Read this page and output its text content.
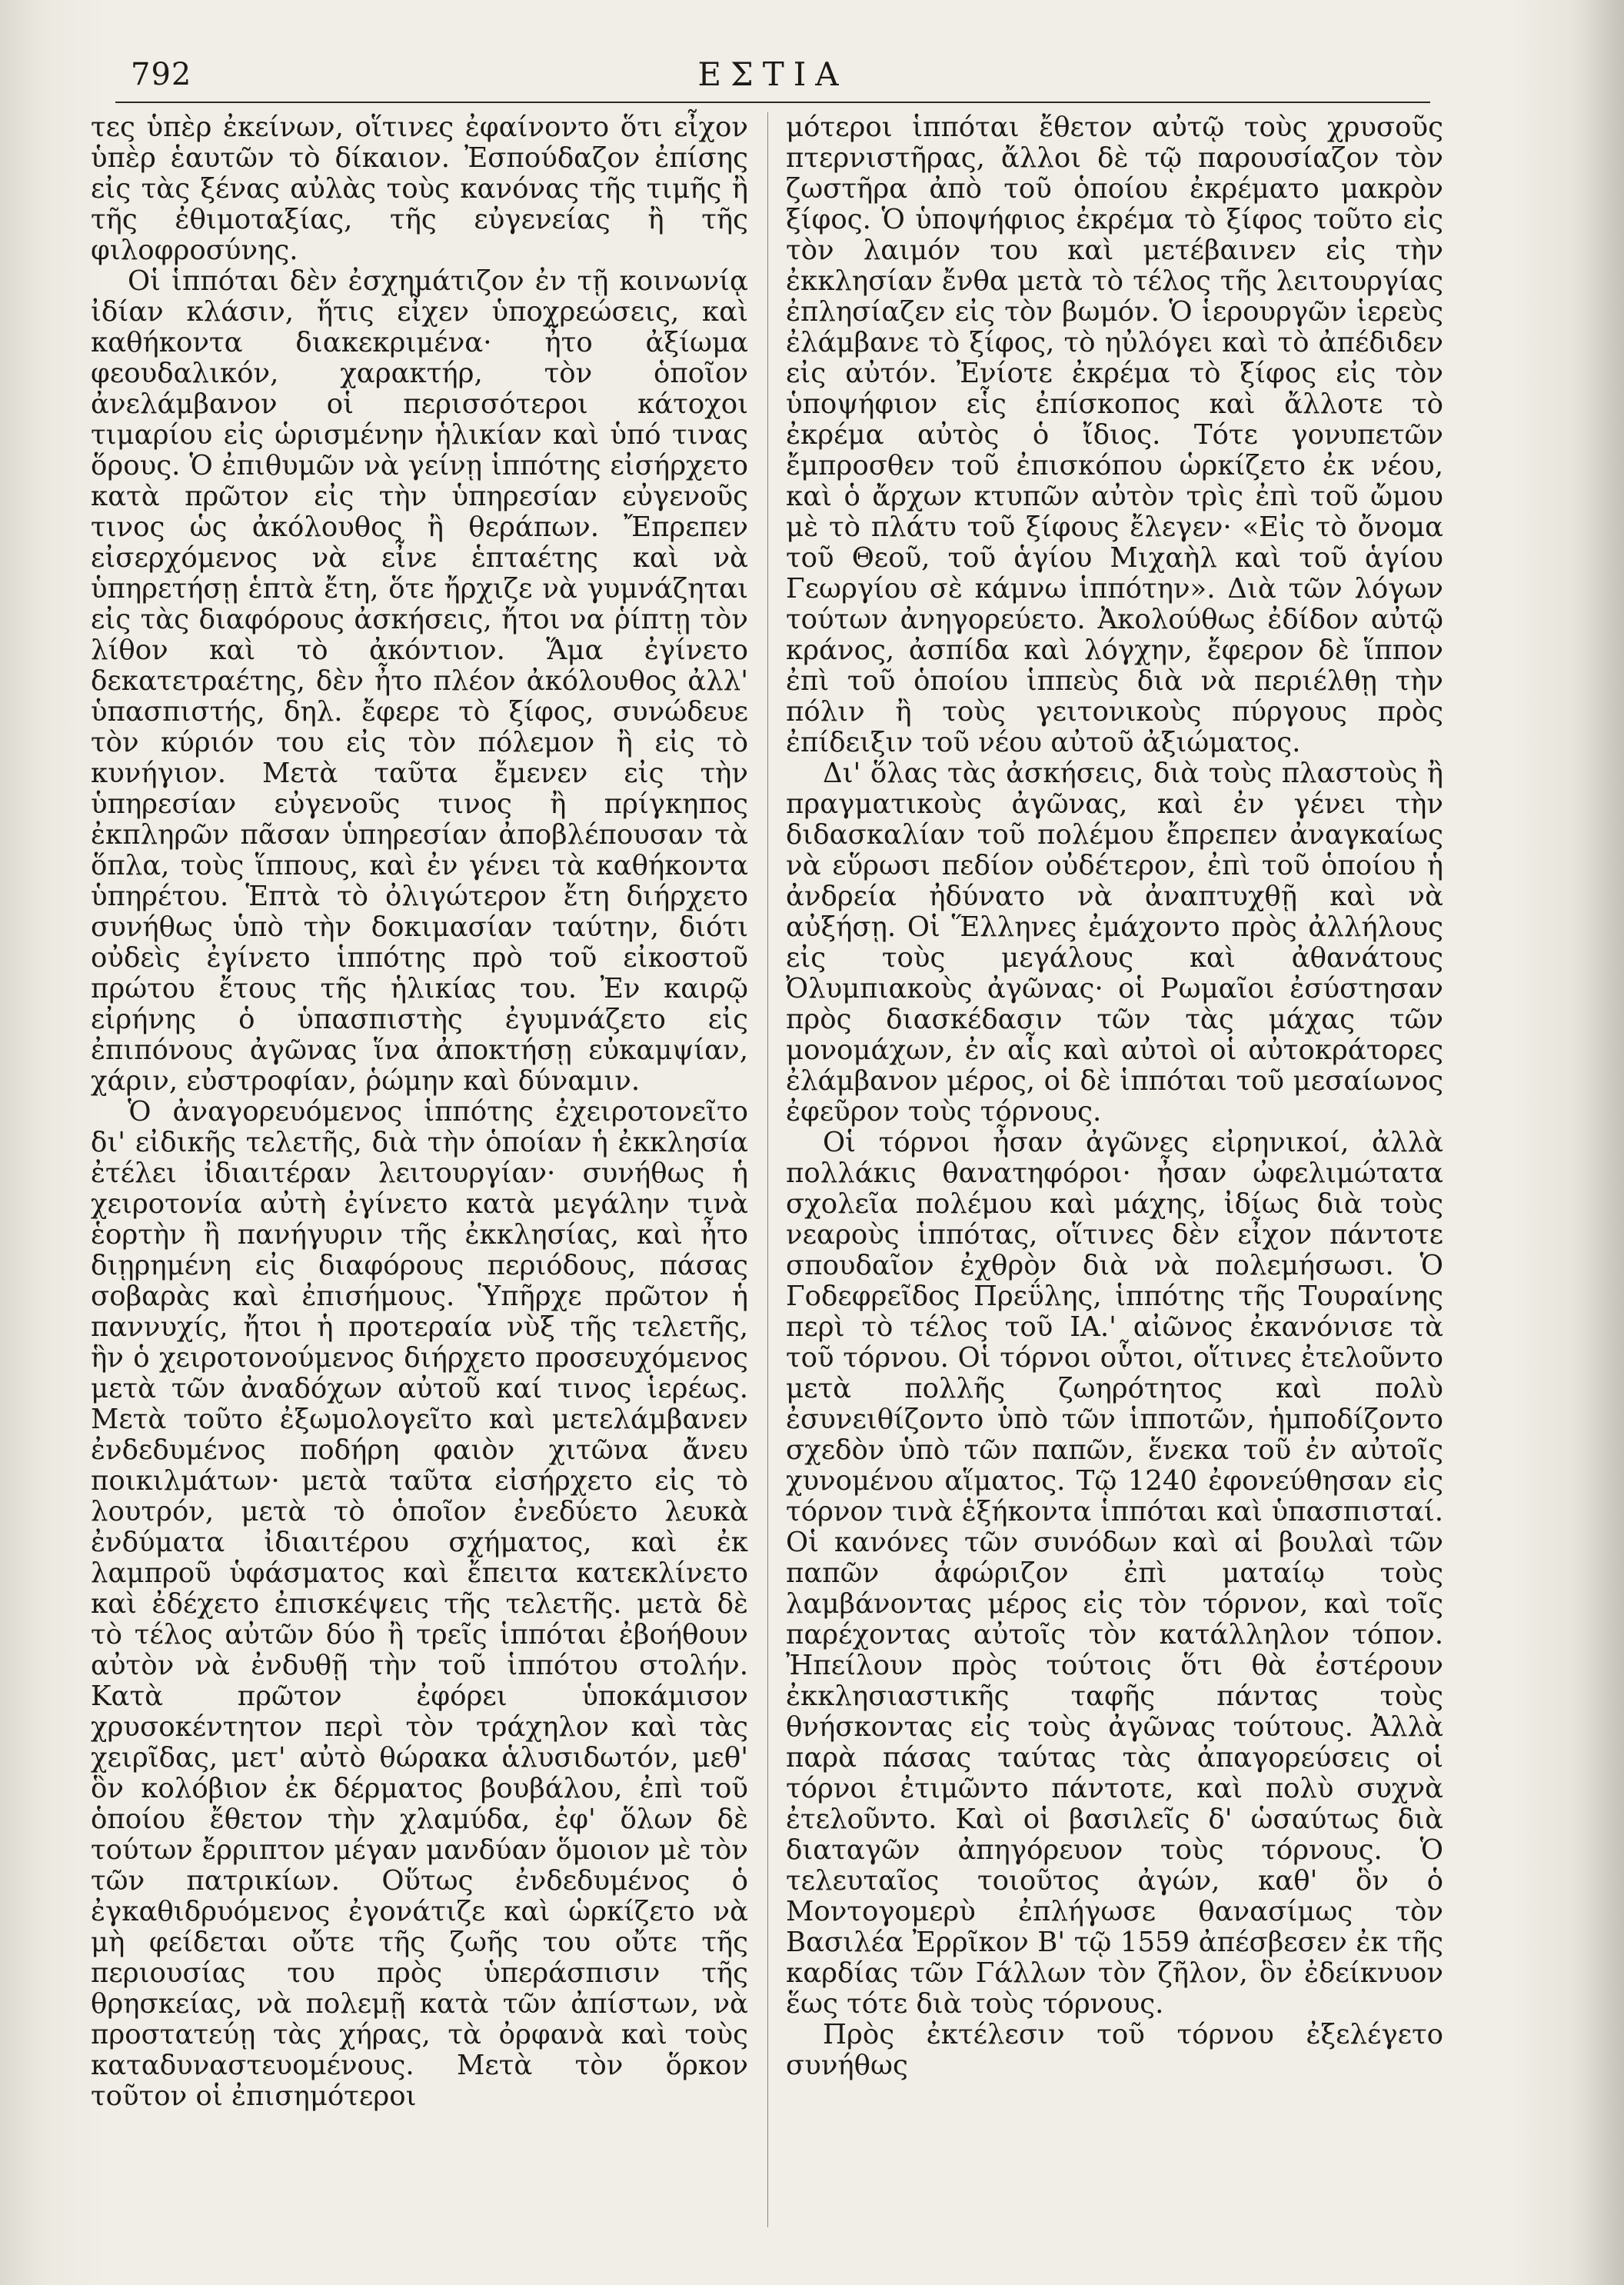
792	ΕΣΤΙΑ

τες ὑπὲρ ἐκείνων, οἵτινες ἐφαίνοντο ὅτι εἶχον ὑπὲρ ἑαυτῶν τὸ δίκαιον. Ἐσπούδαζον ἐπίσης εἰς τὰς ξένας αὐλὰς τοὺς κανόνας τῆς τιμῆς ἢ τῆς ἐθιμοταξίας, τῆς εὐγενείας ἢ τῆς φιλοφροσύνης.

Οἱ ἱππόται δὲν ἐσχημάτιζον ἐν τῇ κοινωνίᾳ ἰδίαν κλάσιν, ἥτις εἶχεν ὑποχρεώσεις, καὶ καθήκοντα διακεκριμένα· ἦτο ἀξίωμα φεουδαλικόν, χαρακτήρ, τὸν ὁποῖον ἀνελάμβανον οἱ περισσότεροι κάτοχοι τιμαρίου εἰς ὡρισμένην ἡλικίαν καὶ ὑπό τινας ὅρους. Ὁ ἐπιθυμῶν νὰ γείνῃ ἱππότης εἰσήρχετο κατὰ πρῶτον εἰς τὴν ὑπηρεσίαν εὐγενοῦς τινος ὡς ἀκόλουθος ἢ θεράπων. Ἔπρεπεν εἰσερχόμενος νὰ εἶνε ἑπταέτης καὶ νὰ ὑπηρετήσῃ ἑπτὰ ἔτη, ὅτε ἤρχιζε νὰ γυμνάζηται εἰς τὰς διαφόρους ἀσκήσεις, ἤτοι να ῥίπτῃ τὸν λίθον καὶ τὸ ἀκόντιον. Ἅμα ἐγίνετο δεκατετραέτης, δὲν ἦτο πλέον ἀκόλουθος ἀλλ' ὑπασπιστής, δηλ. ἔφερε τὸ ξίφος, συνώδευε τὸν κύριόν του εἰς τὸν πόλεμον ἢ εἰς τὸ κυνήγιον. Μετὰ ταῦτα ἔμενεν εἰς τὴν ὑπηρεσίαν εὐγενοῦς τινος ἢ πρίγκηπος ἐκπληρῶν πᾶσαν ὑπηρεσίαν ἀποβλέπουσαν τὰ ὅπλα, τοὺς ἵππους, καὶ ἐν γένει τὰ καθήκοντα ὑπηρέτου. Ἑπτὰ τὸ ὀλιγώτερον ἔτη διήρχετο συνήθως ὑπὸ τὴν δοκιμασίαν ταύτην, διότι οὐδεὶς ἐγίνετο ἱππότης πρὸ τοῦ εἰκοστοῦ πρώτου ἔτους τῆς ἡλικίας του. Ἐν καιρῷ εἰρήνης ὁ ὑπασπιστὴς ἐγυμνάζετο εἰς ἐπιπόνους ἀγῶνας ἵνα ἀποκτήσῃ εὐκαμψίαν, χάριν, εὐστροφίαν, ῥώμην καὶ δύναμιν.

Ὁ ἀναγορευόμενος ἱππότης ἐχειροτονεῖτο δι' εἰδικῆς τελετῆς, διὰ τὴν ὁποίαν ἡ ἐκκλησία ἐτέλει ἰδιαιτέραν λειτουργίαν· συνήθως ἡ χειροτονία αὐτὴ ἐγίνετο κατὰ μεγάλην τινὰ ἑορτὴν ἢ πανήγυριν τῆς ἐκκλησίας, καὶ ἦτο διῃρημένη εἰς διαφόρους περιόδους, πάσας σοβαρὰς καὶ ἐπισήμους. Ὑπῆρχε πρῶτον ἡ παννυχίς, ἤτοι ἡ προτεραία νὺξ τῆς τελετῆς, ἣν ὁ χειροτονούμενος διήρχετο προσευχόμενος μετὰ τῶν ἀναδόχων αὐτοῦ καί τινος ἱερέως. Μετὰ τοῦτο ἐξωμολογεῖτο καὶ μετελάμβανεν ἐνδεδυμένος ποδήρη φαιὸν χιτῶνα ἄνευ ποικιλμάτων· μετὰ ταῦτα εἰσήρχετο εἰς τὸ λουτρόν, μετὰ τὸ ὁποῖον ἐνεδύετο λευκὰ ἐνδύματα ἰδιαιτέρου σχήματος, καὶ ἐκ λαμπροῦ ὑφάσματος καὶ ἔπειτα κατεκλίνετο καὶ ἐδέχετο ἐπισκέψεις τῆς τελετῆς. μετὰ δὲ τὸ τέλος αὐτῶν δύο ἢ τρεῖς ἱππόται ἐβοήθουν αὐτὸν νὰ ἐνδυθῇ τὴν τοῦ ἱππότου στολήν. Κατὰ πρῶτον ἐφόρει ὑποκάμισον χρυσοκέντητον περὶ τὸν τράχηλον καὶ τὰς χειρῖδας, μετ' αὐτὸ θώρακα ἁλυσιδωτόν, μεθ' ὃν κολόβιον ἐκ δέρματος βουβάλου, ἐπὶ τοῦ ὁποίου ἔθετον τὴν χλαμύδα, ἐφ' ὅλων δὲ τούτων ἔρριπτον μέγαν μανδύαν ὅμοιον μὲ τὸν τῶν πατρικίων. Οὕτως ἐνδεδυμένος ὁ ἐγκαθιδρυόμενος ἐγονάτιζε καὶ ὡρκίζετο νὰ μὴ φείδεται οὔτε τῆς ζωῆς του οὔτε τῆς περιουσίας του πρὸς ὑπεράσπισιν τῆς θρησκείας, νὰ πολεμῇ κατὰ τῶν ἀπίστων, νὰ προστατεύῃ τὰς χήρας, τὰ ὀρφανὰ καὶ τοὺς καταδυναστευομένους. Μετὰ τὸν ὅρκον τοῦτον οἱ ἐπισημότεροι

μότεροι ἱππόται ἔθετον αὐτῷ τοὺς χρυσοῦς πτερνιστῆρας, ἄλλοι δὲ τῷ παρουσίαζον τὸν ζωστῆρα ἀπὸ τοῦ ὁποίου ἐκρέματο μακρὸν ξίφος. Ὁ ὑποψήφιος ἐκρέμα τὸ ξίφος τοῦτο εἰς τὸν λαιμόν του καὶ μετέβαινεν εἰς τὴν ἐκκλησίαν ἔνθα μετὰ τὸ τέλος τῆς λειτουργίας ἐπλησίαζεν εἰς τὸν βωμόν. Ὁ ἱερουργῶν ἱερεὺς ἐλάμβανε τὸ ξίφος, τὸ ηὐλόγει καὶ τὸ ἀπέδιδεν εἰς αὐτόν. Ἐνίοτε ἐκρέμα τὸ ξίφος εἰς τὸν ὑποψήφιον εἷς ἐπίσκοπος καὶ ἄλλοτε τὸ ἐκρέμα αὐτὸς ὁ ἴδιος. Τότε γονυπετῶν ἔμπροσθεν τοῦ ἐπισκόπου ὡρκίζετο ἐκ νέου, καὶ ὁ ἄρχων κτυπῶν αὐτὸν τρὶς ἐπὶ τοῦ ὤμου μὲ τὸ πλάτυ τοῦ ξίφους ἔλεγεν· «Εἰς τὸ ὄνομα τοῦ Θεοῦ, τοῦ ἁγίου Μιχαὴλ καὶ τοῦ ἁγίου Γεωργίου σὲ κάμνω ἱππότην». Διὰ τῶν λόγων τούτων ἀνηγορεύετο. Ἀκολούθως ἐδίδον αὐτῷ κράνος, ἀσπίδα καὶ λόγχην, ἔφερον δὲ ἵππον ἐπὶ τοῦ ὁποίου ἱππεὺς διὰ νὰ περιέλθῃ τὴν πόλιν ἢ τοὺς γειτονικοὺς πύργους πρὸς ἐπίδειξιν τοῦ νέου αὐτοῦ ἀξιώματος.

Δι' ὅλας τὰς ἀσκήσεις, διὰ τοὺς πλαστοὺς ἢ πραγματικοὺς ἀγῶνας, καὶ ἐν γένει τὴν διδασκαλίαν τοῦ πολέμου ἔπρεπεν ἀναγκαίως νὰ εὕρωσι πεδίον οὐδέτερον, ἐπὶ τοῦ ὁποίου ἡ ἀνδρεία ἠδύνατο νὰ ἀναπτυχθῇ καὶ νὰ αὐξήσῃ. Οἱ Ἕλληνες ἐμάχοντο πρὸς ἀλλήλους εἰς τοὺς μεγάλους καὶ ἀθανάτους Ὀλυμπιακοὺς ἀγῶνας· οἱ Ρωμαῖοι ἐσύστησαν πρὸς διασκέδασιν τῶν τὰς μάχας τῶν μονομάχων, ἐν αἷς καὶ αὐτοὶ οἱ αὐτοκράτορες ἐλάμβανον μέρος, οἱ δὲ ἱππόται τοῦ μεσαίωνος ἐφεῦρον τοὺς τόρνους.

Οἱ τόρνοι ἦσαν ἀγῶνες εἰρηνικοί, ἀλλὰ πολλάκις θανατηφόροι· ἦσαν ὠφελιμώτατα σχολεῖα πολέμου καὶ μάχης, ἰδίως διὰ τοὺς νεαροὺς ἱππότας, οἵτινες δὲν εἶχον πάντοτε σπουδαῖον ἐχθρὸν διὰ νὰ πολεμήσωσι. Ὁ Γοδεφρεῖδος Πρεΰλης, ἱππότης τῆς Τουραίνης περὶ τὸ τέλος τοῦ ΙΑ.' αἰῶνος ἐκανόνισε τὰ τοῦ τόρνου. Οἱ τόρνοι οὗτοι, οἵτινες ἐτελοῦντο μετὰ πολλῆς ζωηρότητος καὶ πολὺ ἐσυνειθίζοντο ὑπὸ τῶν ἱπποτῶν, ἡμποδίζοντο σχεδὸν ὑπὸ τῶν παπῶν, ἕνεκα τοῦ ἐν αὐτοῖς χυνομένου αἵματος. Τῷ 1240 ἐφονεύθησαν εἰς τόρνον τινὰ ἑξήκοντα ἱππόται καὶ ὑπασπισταί. Οἱ κανόνες τῶν συνόδων καὶ αἱ βουλαὶ τῶν παπῶν ἀφώριζον ἐπὶ ματαίῳ τοὺς λαμβάνοντας μέρος εἰς τὸν τόρνον, καὶ τοῖς παρέχοντας αὐτοῖς τὸν κατάλληλον τόπον. Ἠπείλουν πρὸς τούτοις ὅτι θὰ ἐστέρουν ἐκκλησιαστικῆς ταφῆς πάντας τοὺς θνήσκοντας εἰς τοὺς ἀγῶνας τούτους. Ἀλλὰ παρὰ πάσας ταύτας τὰς ἀπαγορεύσεις οἱ τόρνοι ἐτιμῶντο πάντοτε, καὶ πολὺ συχνὰ ἐτελοῦντο. Καὶ οἱ βασιλεῖς δ' ὡσαύτως διὰ διαταγῶν ἀπηγόρευον τοὺς τόρνους. Ὁ τελευταῖος τοιοῦτος ἀγών, καθ' ὃν ὁ Μοντογομερὺ ἐπλήγωσε θανασίμως τὸν Βασιλέα Ἐρρῖκον Β' τῷ 1559 ἀπέσβεσεν ἐκ τῆς καρδίας τῶν Γάλλων τὸν ζῆλον, ὃν ἐδείκνυον ἕως τότε διὰ τοὺς τόρνους.

Πρὸς ἐκτέλεσιν τοῦ τόρνου ἐξελέγετο συνήθως
